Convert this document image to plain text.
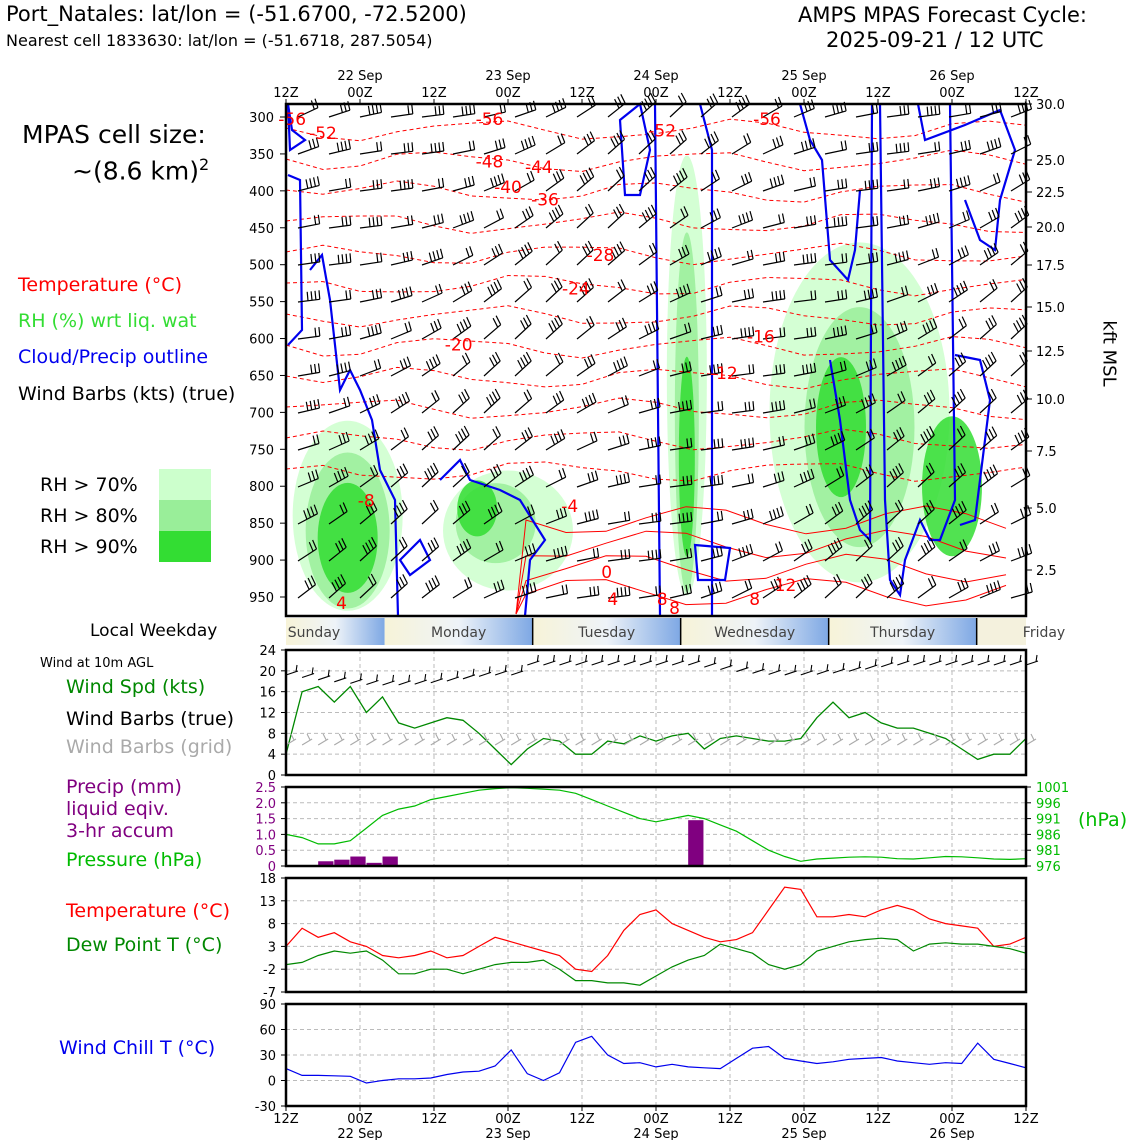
Port_Natales: lat/lon = (-51.6700, -72.5200)
Nearest cell 1833630: lat/lon = (-51.6718, 287.5054)
AMPS MPAS Forecast Cycle:
2025-09-21 / 12 UTC
MPAS cell size:
~(8.6 km)$^2$
Temperature (°C)
RH (%) wrt liq. wat
Cloud/Precip outline
Wind Barbs (kts) (true)
RH > 70%
RH > 80%
RH > 90%
Local Weekday
Wind at 10m AGL
Wind Spd (kts)
Wind Barbs (true)
Wind Barbs (grid)
Precip (mm)
liquid eqiv.
3-hr accum
Pressure (hPa)
(hPa)
Temperature (°C)
Dew Point T (°C)
Wind Chill T (°C)
kft MSL
-56
-52
-56
-52
-56
-48 -44
-40
-36
-28
-24
-20	-16
-12
-8	-4
0
4	4 8 8	8
12
300
350
400
450
500
550
600
650
700
750
800
850
900
950
30.0
25.0
22.5
20.0
17.5
15.0
12.5
10.0
7.5
5.0
2.5
12Z	00Z	12Z	00Z	12Z	00Z	12Z	00Z	12Z	00Z	12Z
22 Sep	23 Sep	24 Sep	25 Sep	26 Sep
Sunday	Monday	Tuesday	Wednesday	Thursday	Friday
24
20
16
12
8
4
0
2.5
2.0
1.5
1.0
0.5
0
1001
996
991
986
981
976
18
13
8
3
-2
-7
90
60
30
0
-30
12Z	00Z	12Z	00Z	12Z	00Z	12Z	00Z	12Z	00Z	12Z
22 Sep	23 Sep	24 Sep	25 Sep	26 Sep
